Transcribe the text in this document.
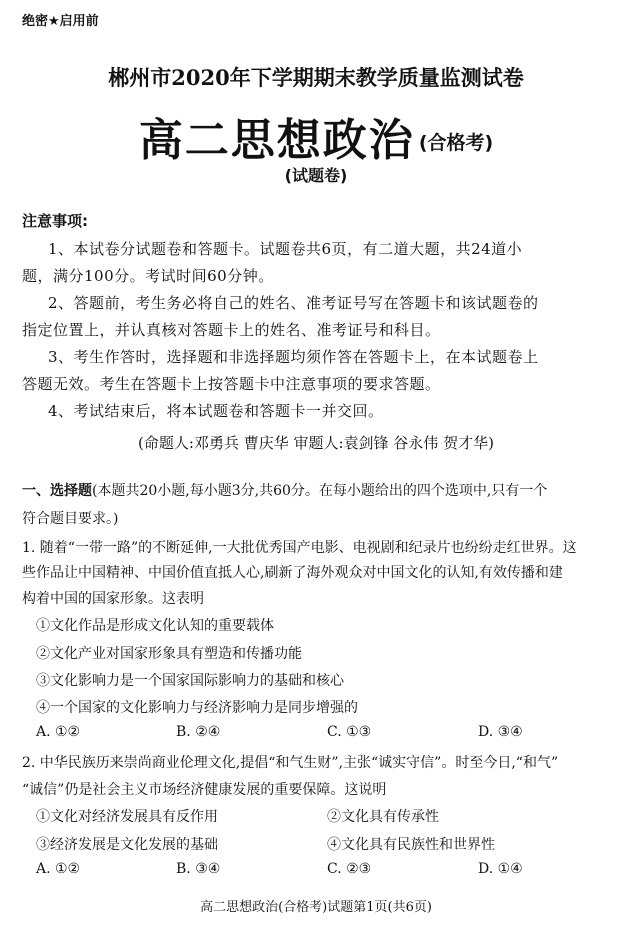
绝密★启用前
郴州市2020年下学期期末教学质量监测试卷
高二思想政治 (合格考)
(试题卷)
注意事项:
1、本试卷分试题卷和答题卡。试题卷共6页，有二道大题，共24道小
题，满分100分。考试时间60分钟。
2、答题前，考生务必将自己的姓名、准考证号写在答题卡和该试题卷的
指定位置上，并认真核对答题卡上的姓名、准考证号和科目。
3、考生作答时，选择题和非选择题均须作答在答题卡上，在本试题卷上
答题无效。考生在答题卡上按答题卡中注意事项的要求答题。
4、考试结束后，将本试题卷和答题卡一并交回。
(命题人:邓勇兵 曹庆华 审题人:袁剑锋 谷永伟 贺才华)
一、选择题(本题共20小题,每小题3分,共60分。在每小题给出的四个选项中,只有一个
符合题目要求。)
1. 随着“一带一路”的不断延伸,一大批优秀国产电影、电视剧和纪录片也纷纷走红世界。这
些作品让中国精神、中国价值直抵人心,刷新了海外观众对中国文化的认知,有效传播和建
构着中国的国家形象。这表明
①文化作品是形成文化认知的重要载体
②文化产业对国家形象具有塑造和传播功能
③文化影响力是一个国家国际影响力的基础和核心
④一个国家的文化影响力与经济影响力是同步增强的
A. ①②	B. ②④	C. ①③	D. ③④
2. 中华民族历来崇尚商业伦理文化,提倡“和气生财”,主张“诚实守信”。时至今日,“和气”
“诚信”仍是社会主义市场经济健康发展的重要保障。这说明
①文化对经济发展具有反作用	②文化具有传承性
③经济发展是文化发展的基础	④文化具有民族性和世界性
A. ①②	B. ③④	C. ②③	D. ①④
高二思想政治(合格考)试题第1页(共6页)
